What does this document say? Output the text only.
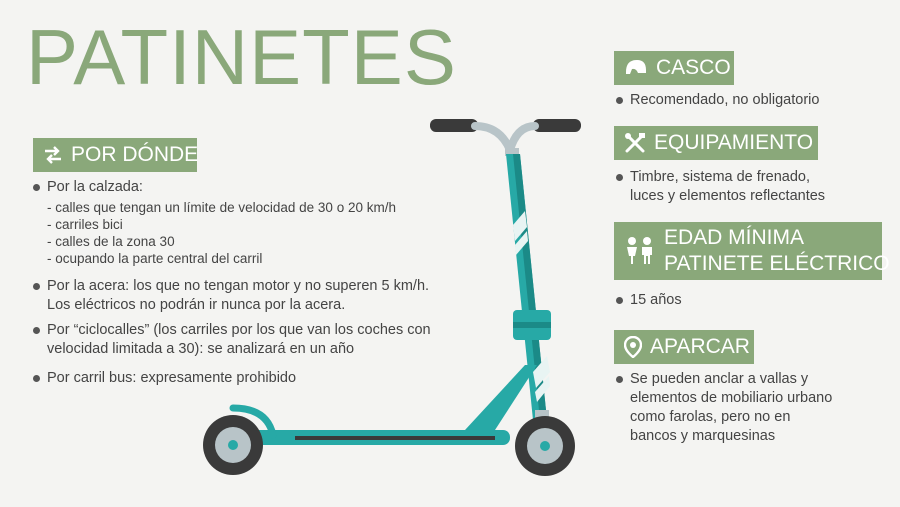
PATINETES
POR DÓNDE
Por la calzada:
- calles que tengan un límite de velocidad de 30 o 20 km/h
- carriles bici
- calles de la zona 30
- ocupando la parte central del carril
Por la acera: los que no tengan motor y no superen 5 km/h.
Los eléctricos no podrán ir nunca por la acera.
Por “ciclocalles” (los carriles por los que van los coches con
velocidad limitada a 30): se analizará en un año
Por carril bus: expresamente prohibido
CASCO
Recomendado, no obligatorio
EQUIPAMIENTO
Timbre, sistema de frenado,
luces y elementos reflectantes
EDAD MÍNIMA
PATINETE ELÉCTRICO
15 años
APARCAR
Se pueden anclar a vallas y
elementos de mobiliario urbano
como farolas, pero no en
bancos y marquesinas
